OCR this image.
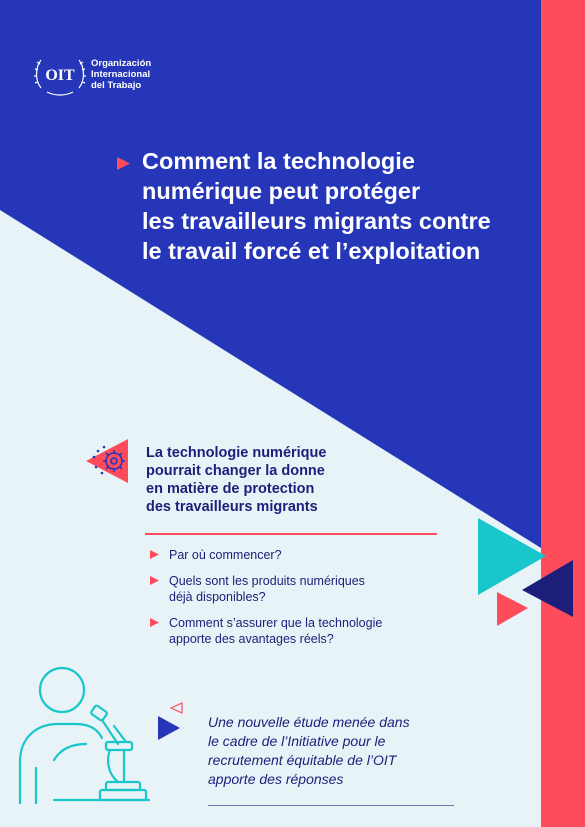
OIT
Organización
Internacional
del Trabajo
Comment la technologie
numérique peut protéger
les travailleurs migrants contre
le travail forcé et l’exploitation
La technologie numérique
pourrait changer la donne
en matière de protection
des travailleurs migrants
Par où commencer?
Quels sont les produits numériques
déjà disponibles?
Comment s’assurer que la technologie
apporte des avantages réels?

Une nouvelle étude menée dans
le cadre de l’Initiative pour le
recrutement équitable de l’OIT
apporte des réponses
